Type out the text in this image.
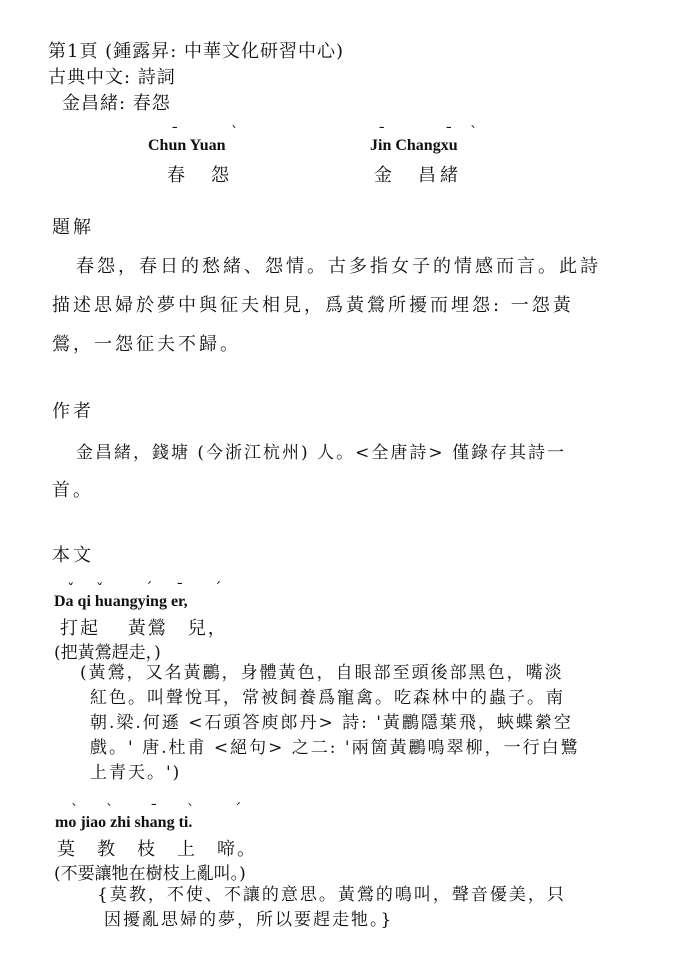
第1頁 (鍾露昇: 中華文化研習中心)
古典中文: 詩詞
金昌緒: 春怨
Chun Yuan
¯	ˋ
春　怨
Jin Changxu
¯	¯ ˋ
金　昌緒
題解
春怨，春日的愁緒、怨情。古多指女子的情感而言。此詩
描述思婦於夢中與征夫相見，爲黃鶯所擾而埋怨: 一怨黃
鶯，一怨征夫不歸。
作者
金昌緒，錢塘 (今浙江杭州) 人。<全唐詩> 僅錄存其詩一
首。
本文
ˇ ˇ	ˊ ¯ ˊ
Da qi huangying er,
打起　 黃鶯　兒，
(把黃鶯趕走，)
(黃鶯，又名黃鸝，身體黃色，自眼部至頭後部黑色，嘴淡
紅色。叫聲悅耳，常被飼養爲寵禽。吃森林中的蟲子。南
朝.梁.何遜 <石頭答庾郎丹> 詩: '黃鸝隱葉飛，蛺蝶縈空
戲。' 唐.杜甫 <絕句> 之二: '兩箇黃鸝鳴翠柳，一行白鷺
上青天。')
ˋ ˋ ¯ ˋ	ˊ
mo jiao zhi shang ti.
莫　教　枝　上　啼。
(不要讓牠在樹枝上亂叫。)
{莫教，不使、不讓的意思。黃鶯的鳴叫，聲音優美，只
因擾亂思婦的夢，所以要趕走牠。}
